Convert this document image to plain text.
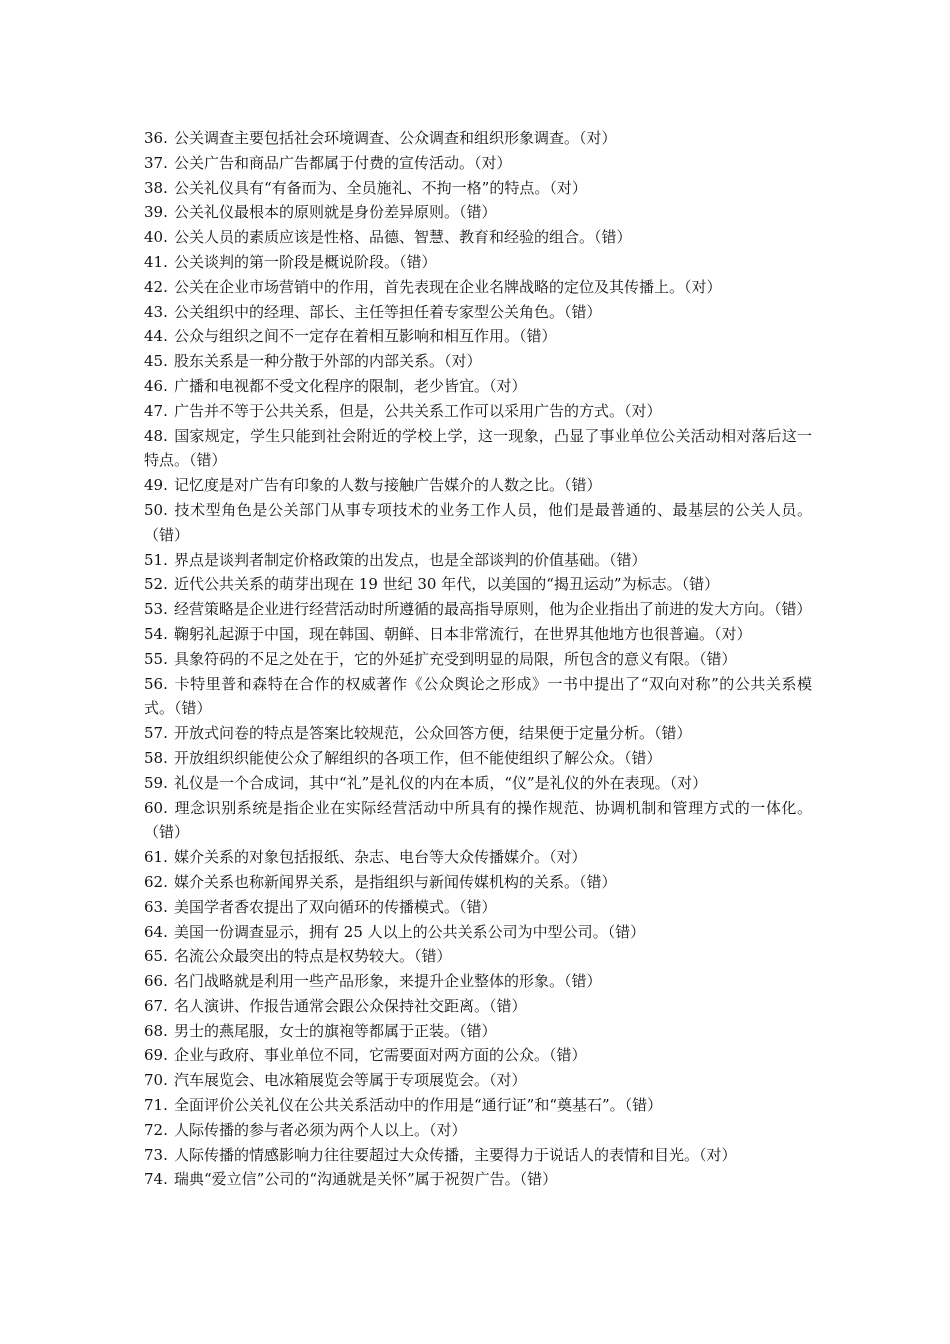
36. 公关调查主要包括社会环境调查、公众调查和组织形象调查。（对）

37. 公关广告和商品广告都属于付费的宣传活动。（对）

38. 公关礼仪具有“有备而为、全员施礼、不拘一格”的特点。（对）

39. 公关礼仪最根本的原则就是身份差异原则。（错）

40. 公关人员的素质应该是性格、品德、智慧、教育和经验的组合。（错）

41. 公关谈判的第一阶段是概说阶段。（错）

42. 公关在企业市场营销中的作用，首先表现在企业名牌战略的定位及其传播上。（对）

43. 公关组织中的经理、部长、主任等担任着专家型公关角色。（错）

44. 公众与组织之间不一定存在着相互影响和相互作用。（错）

45. 股东关系是一种分散于外部的内部关系。（对）

46. 广播和电视都不受文化程序的限制，老少皆宜。（对）

47. 广告并不等于公共关系，但是，公共关系工作可以采用广告的方式。（对）

48. 国家规定，学生只能到社会附近的学校上学，这一现象，凸显了事业单位公关活动相对落后这一特点。（错）

49. 记忆度是对广告有印象的人数与接触广告媒介的人数之比。（错）

50. 技术型角色是公关部门从事专项技术的业务工作人员，他们是最普通的、最基层的公关人员。（错）

51. 界点是谈判者制定价格政策的出发点，也是全部谈判的价值基础。（错）

52. 近代公共关系的萌芽出现在 19 世纪 30 年代，以美国的“揭丑运动”为标志。（错）

53. 经营策略是企业进行经营活动时所遵循的最高指导原则，他为企业指出了前进的发大方向。（错）

54. 鞠躬礼起源于中国，现在韩国、朝鲜、日本非常流行，在世界其他地方也很普遍。（对）

55. 具象符码的不足之处在于，它的外延扩充受到明显的局限，所包含的意义有限。（错）

56. 卡特里普和森特在合作的权威著作《公众舆论之形成》一书中提出了“双向对称”的公共关系模式。（错）

57. 开放式问卷的特点是答案比较规范，公众回答方便，结果便于定量分析。（错）

58. 开放组织织能使公众了解组织的各项工作，但不能使组织了解公众。（错）

59. 礼仪是一个合成词，其中“礼”是礼仪的内在本质，“仪”是礼仪的外在表现。（对）

60. 理念识别系统是指企业在实际经营活动中所具有的操作规范、协调机制和管理方式的一体化。（错）

61. 媒介关系的对象包括报纸、杂志、电台等大众传播媒介。（对）

62. 媒介关系也称新闻界关系，是指组织与新闻传媒机构的关系。（错）

63. 美国学者香农提出了双向循环的传播模式。（错）

64. 美国一份调查显示，拥有 25 人以上的公共关系公司为中型公司。（错）

65. 名流公众最突出的特点是权势较大。（错）

66. 名门战略就是利用一些产品形象，来提升企业整体的形象。（错）

67. 名人演讲、作报告通常会跟公众保持社交距离。（错）

68. 男士的燕尾服，女士的旗袍等都属于正装。（错）

69. 企业与政府、事业单位不同，它需要面对两方面的公众。（错）

70. 汽车展览会、电冰箱展览会等属于专项展览会。（对）

71. 全面评价公关礼仪在公共关系活动中的作用是“通行证”和“奠基石”。（错）

72. 人际传播的参与者必须为两个人以上。（对）

73. 人际传播的情感影响力往往要超过大众传播，主要得力于说话人的表情和目光。（对）

74. 瑞典“爱立信”公司的“沟通就是关怀”属于祝贺广告。（错）
